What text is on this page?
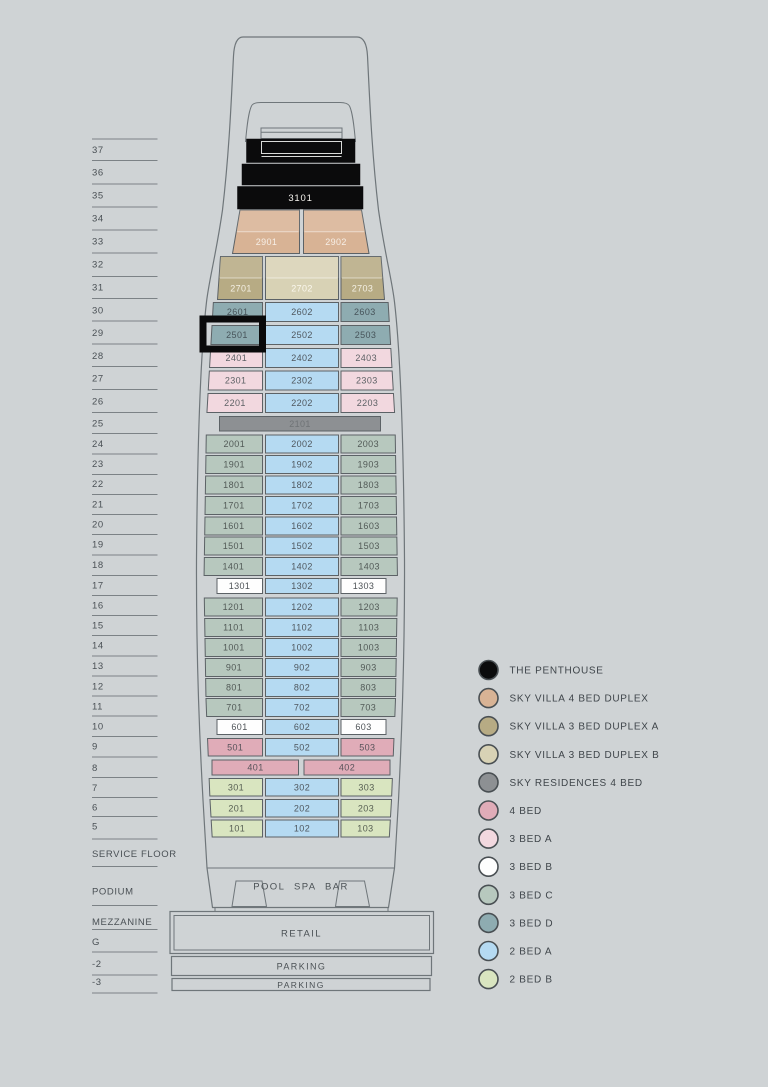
3101
37
36
35
34
33
32
31
30
29
28
27
26
25
24
23
22
21
20
19
18
17
16
15
14
13
12
11
10
9
8
7
6
5
SERVICE FLOOR
PODIUM
MEZZANINE
G
-2
-3
2901	2902
2701	2702	2703
2601	2602	2603
2501	2502	2503
2401	2402	2403
2301	2302	2303
2201	2202	2203
2101
2001	2002	2003
1901	1902	1903
1801	1802	1803
1701	1702	1703
1601	1602	1603
1501	1502	1503
1401	1402	1403
1301	1302	1303
1201	1202	1203
1101	1102	1103
1001	1002	1003
901	902	903
801	802	803
701	702	703
601	602	603
501	502	503
401	402
301	302	303
201	202	203
101	102	103
POOL SPA BAR
RETAIL
PARKING
PARKING
THE PENTHOUSE
SKY VILLA 4 BED DUPLEX
SKY VILLA 3 BED DUPLEX A
SKY VILLA 3 BED DUPLEX B
SKY RESIDENCES 4 BED
4 BED
3 BED A
3 BED B
3 BED C
3 BED D
2 BED A
2 BED B
